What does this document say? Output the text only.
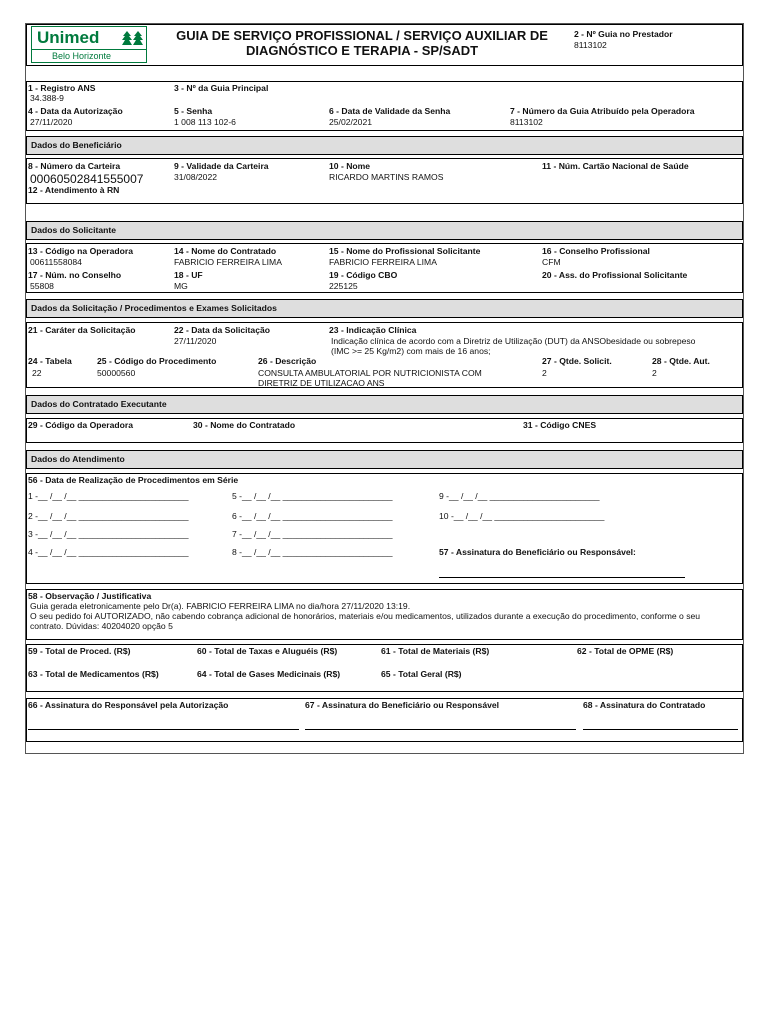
Unimed
Belo Horizonte
GUIA DE SERVIÇO PROFISSIONAL / SERVIÇO AUXILIAR DE
DIAGNÓSTICO E TERAPIA - SP/SADT
2 - Nº Guia no Prestador
8113102
1 - Registro ANS
34.388-9
3 - Nº da Guia Principal
4 - Data da Autorização
27/11/2020
5 - Senha
1 008 113 102-6
6 - Data de Validade da Senha
25/02/2021
7 - Número da Guia Atribuído pela Operadora
8113102
Dados do Beneficiário
8 - Número da Carteira
00060502841555007
9 - Validade da Carteira
31/08/2022
10 - Nome
RICARDO MARTINS RAMOS
11 - Núm. Cartão Nacional de Saúde
12 - Atendimento à RN
Dados do Solicitante
13 - Código na Operadora
00611558084
14 - Nome do Contratado
FABRICIO FERREIRA LIMA
15 - Nome do Profissional Solicitante
FABRICIO FERREIRA LIMA
16 - Conselho Profissional
CFM
17 - Núm. no Conselho
55808
18 - UF
MG
19 - Código CBO
225125
20 - Ass. do Profissional Solicitante
Dados da Solicitação / Procedimentos e Exames Solicitados
21 - Caráter da Solicitação	22 - Data da Solicitação
27/11/2020
23 - Indicação Clínica
Indicação clínica de acordo com a Diretriz de Utilização (DUT) da ANSObesidade ou sobrepeso
(IMC >= 25 Kg/m2) com mais de 16 anos;
24 - Tabela
22
25 - Código do Procedimento
50000560
26 - Descrição
CONSULTA AMBULATORIAL POR NUTRICIONISTA COM
DIRETRIZ DE UTILIZACAO ANS
27 - Qtde. Solicit.
2
28 - Qtde. Aut.
2
Dados do Contratado Executante
29 - Código da Operadora	30 - Nome do Contratado	31 - Código CNES
Dados do Atendimento
56 - Data de Realização de Procedimentos em Série
1 -__ /__ /__ _______________________
2 -__ /__ /__ _______________________
3 -__ /__ /__ _______________________
4 -__ /__ /__ _______________________
5 -__ /__ /__ _______________________
6 -__ /__ /__ _______________________
7 -__ /__ /__ _______________________
8 -__ /__ /__ _______________________
9 -__ /__ /__ _______________________
10 -__ /__ /__ _______________________
57 - Assinatura do Beneficiário ou Responsável:
58 - Observação / Justificativa
Guia gerada eletronicamente pelo Dr(a). FABRICIO FERREIRA LIMA no dia/hora 27/11/2020 13:19.
O seu pedido foi AUTORIZADO, não cabendo cobrança adicional de honorários, materiais e/ou medicamentos, utilizados durante a execução do procedimento, conforme o seu
contrato. Dúvidas: 40204020 opção 5
59 - Total de Proced. (R$)	60 - Total de Taxas e Aluguéis (R$)	61 - Total de Materiais (R$)	62 - Total de OPME (R$)
63 - Total de Medicamentos (R$)	64 - Total de Gases Medicinais (R$)	65 - Total Geral (R$)
66 - Assinatura do Responsável pela Autorização	67 - Assinatura do Beneficiário ou Responsável	68 - Assinatura do Contratado
